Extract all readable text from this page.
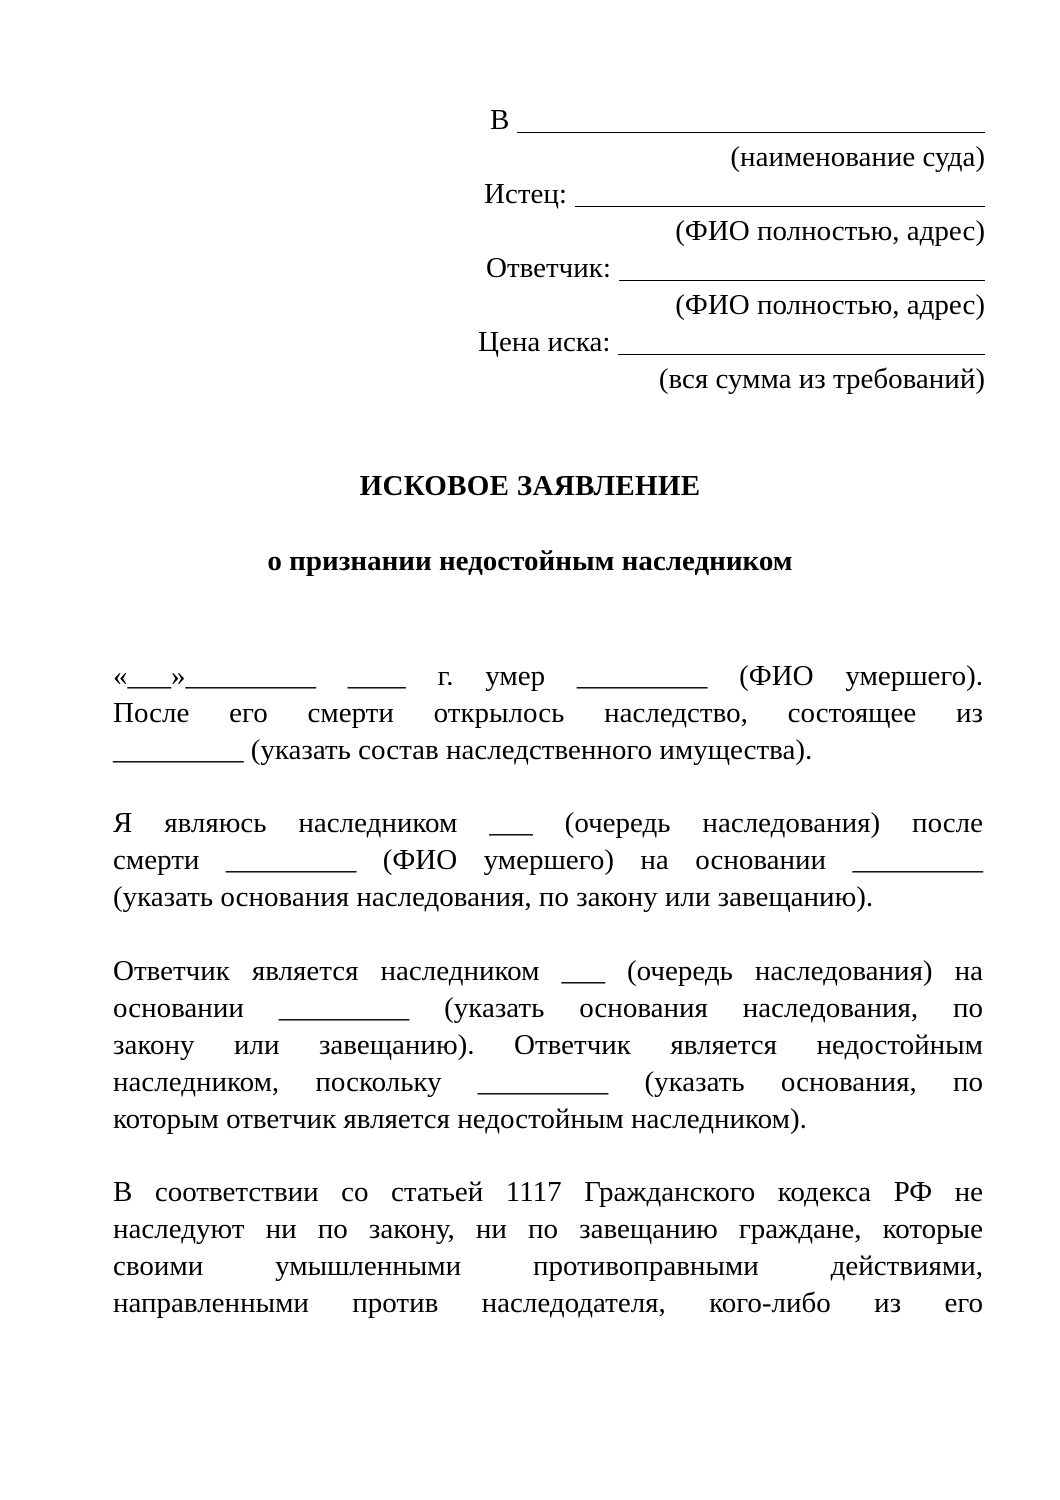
В
(наименование суда)
Истец:
(ФИО полностью, адрес)
Ответчик:
(ФИО полностью, адрес)
Цена иска:
(вся сумма из требований)
ИСКОВОЕ ЗАЯВЛЕНИЕ
о признании недостойным наследником
«___»_________ ____ г. умер _________ (ФИО умершего).
После его смерти открылось наследство, состоящее из
_________ (указать состав наследственного имущества).
Я являюсь наследником ___ (очередь наследования) после
смерти _________ (ФИО умершего) на основании _________
(указать основания наследования, по закону или завещанию).
Ответчик является наследником ___ (очередь наследования) на
основании _________ (указать основания наследования, по
закону или завещанию). Ответчик является недостойным
наследником, поскольку _________ (указать основания, по
которым ответчик является недостойным наследником).
В соответствии со статьей 1117 Гражданского кодекса РФ не
наследуют ни по закону, ни по завещанию граждане, которые
своими умышленными противоправными действиями,
направленными против наследодателя, кого-либо из его
